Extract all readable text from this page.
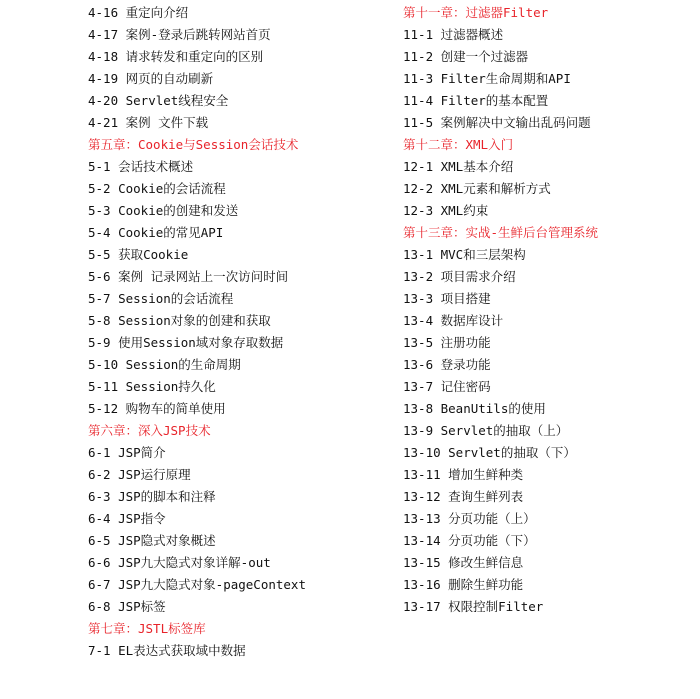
4-16 重定向介绍
4-17 案例-登录后跳转网站首页
4-18 请求转发和重定向的区别
4-19 网页的自动刷新
4-20 Servlet线程安全
4-21 案例 文件下载
第五章：Cookie与Session会话技术
5-1 会话技术概述
5-2 Cookie的会话流程
5-3 Cookie的创建和发送
5-4 Cookie的常见API
5-5 获取Cookie
5-6 案例 记录网站上一次访问时间
5-7 Session的会话流程
5-8 Session对象的创建和获取
5-9 使用Session域对象存取数据
5-10 Session的生命周期
5-11 Session持久化
5-12 购物车的简单使用
第六章：深入JSP技术
6-1 JSP简介
6-2 JSP运行原理
6-3 JSP的脚本和注释
6-4 JSP指令
6-5 JSP隐式对象概述
6-6 JSP九大隐式对象详解-out
6-7 JSP九大隐式对象-pageContext
6-8 JSP标签
第七章：JSTL标签库
7-1 EL表达式获取域中数据
第十一章：过滤器Filter
11-1 过滤器概述
11-2 创建一个过滤器
11-3 Filter生命周期和API
11-4 Filter的基本配置
11-5 案例解决中文输出乱码问题
第十二章：XML入门
12-1 XML基本介绍
12-2 XML元素和解析方式
12-3 XML约束
第十三章：实战-生鲜后台管理系统
13-1 MVC和三层架构
13-2 项目需求介绍
13-3 项目搭建
13-4 数据库设计
13-5 注册功能
13-6 登录功能
13-7 记住密码
13-8 BeanUtils的使用
13-9 Servlet的抽取（上）
13-10 Servlet的抽取（下）
13-11 增加生鲜种类
13-12 查询生鲜列表
13-13 分页功能（上）
13-14 分页功能（下）
13-15 修改生鲜信息
13-16 删除生鲜功能
13-17 权限控制Filter
